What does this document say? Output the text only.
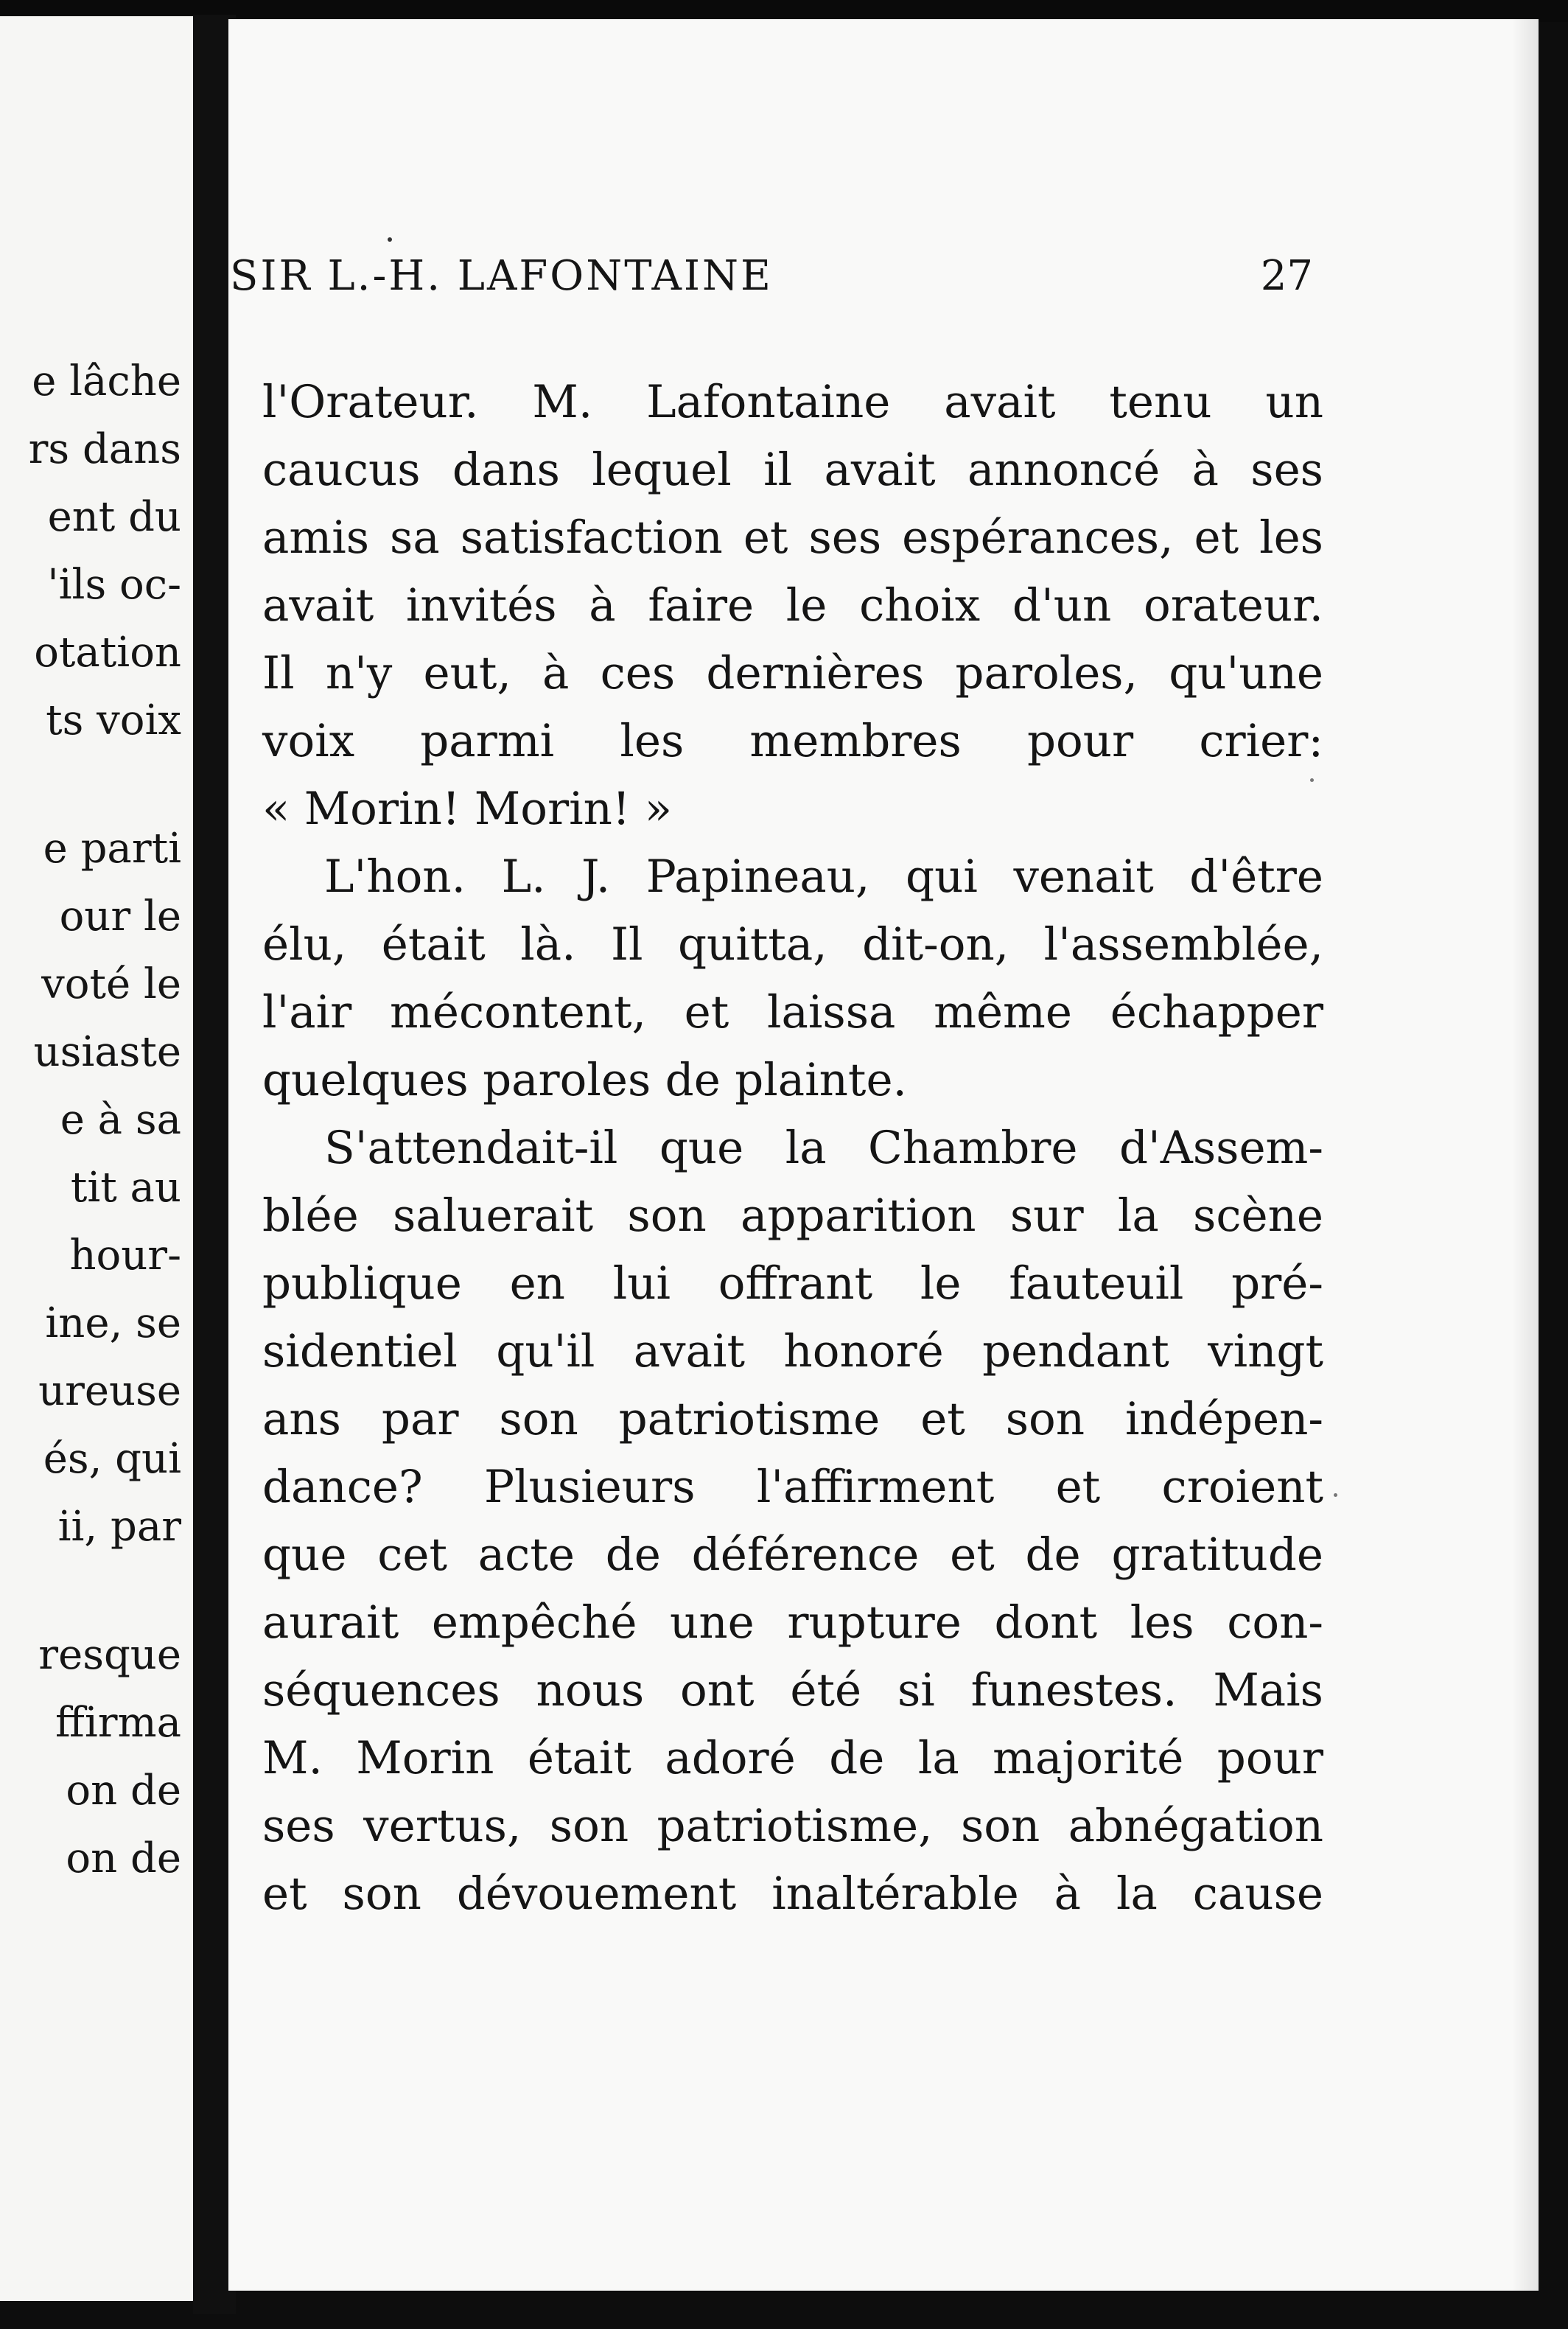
e lâche
rs dans
ent du
'ils oc-
otation
ts voix
e parti
our le
voté le
usiaste
e à sa
tit au
hour-
ine, se
ureuse
és, qui
ii, par
resque
ffirma
on de
on de
SIR L.-H. LAFONTAINE	27
l'Orateur. M. Lafontaine avait tenu un
caucus dans lequel il avait annoncé à ses
amis sa satisfaction et ses espérances, et les
avait invités à faire le choix d'un orateur.
Il n'y eut, à ces dernières paroles, qu'une
voix parmi les membres pour crier:
« Morin! Morin! »
L'hon. L. J. Papineau, qui venait d'être
élu, était là. Il quitta, dit-on, l'assemblée,
l'air mécontent, et laissa même échapper
quelques paroles de plainte.
S'attendait-il que la Chambre d'Assem-
blée saluerait son apparition sur la scène
publique en lui offrant le fauteuil pré-
sidentiel qu'il avait honoré pendant vingt
ans par son patriotisme et son indépen-
dance? Plusieurs l'affirment et croient
que cet acte de déférence et de gratitude
aurait empêché une rupture dont les con-
séquences nous ont été si funestes. Mais
M. Morin était adoré de la majorité pour
ses vertus, son patriotisme, son abnégation
et son dévouement inaltérable à la cause
